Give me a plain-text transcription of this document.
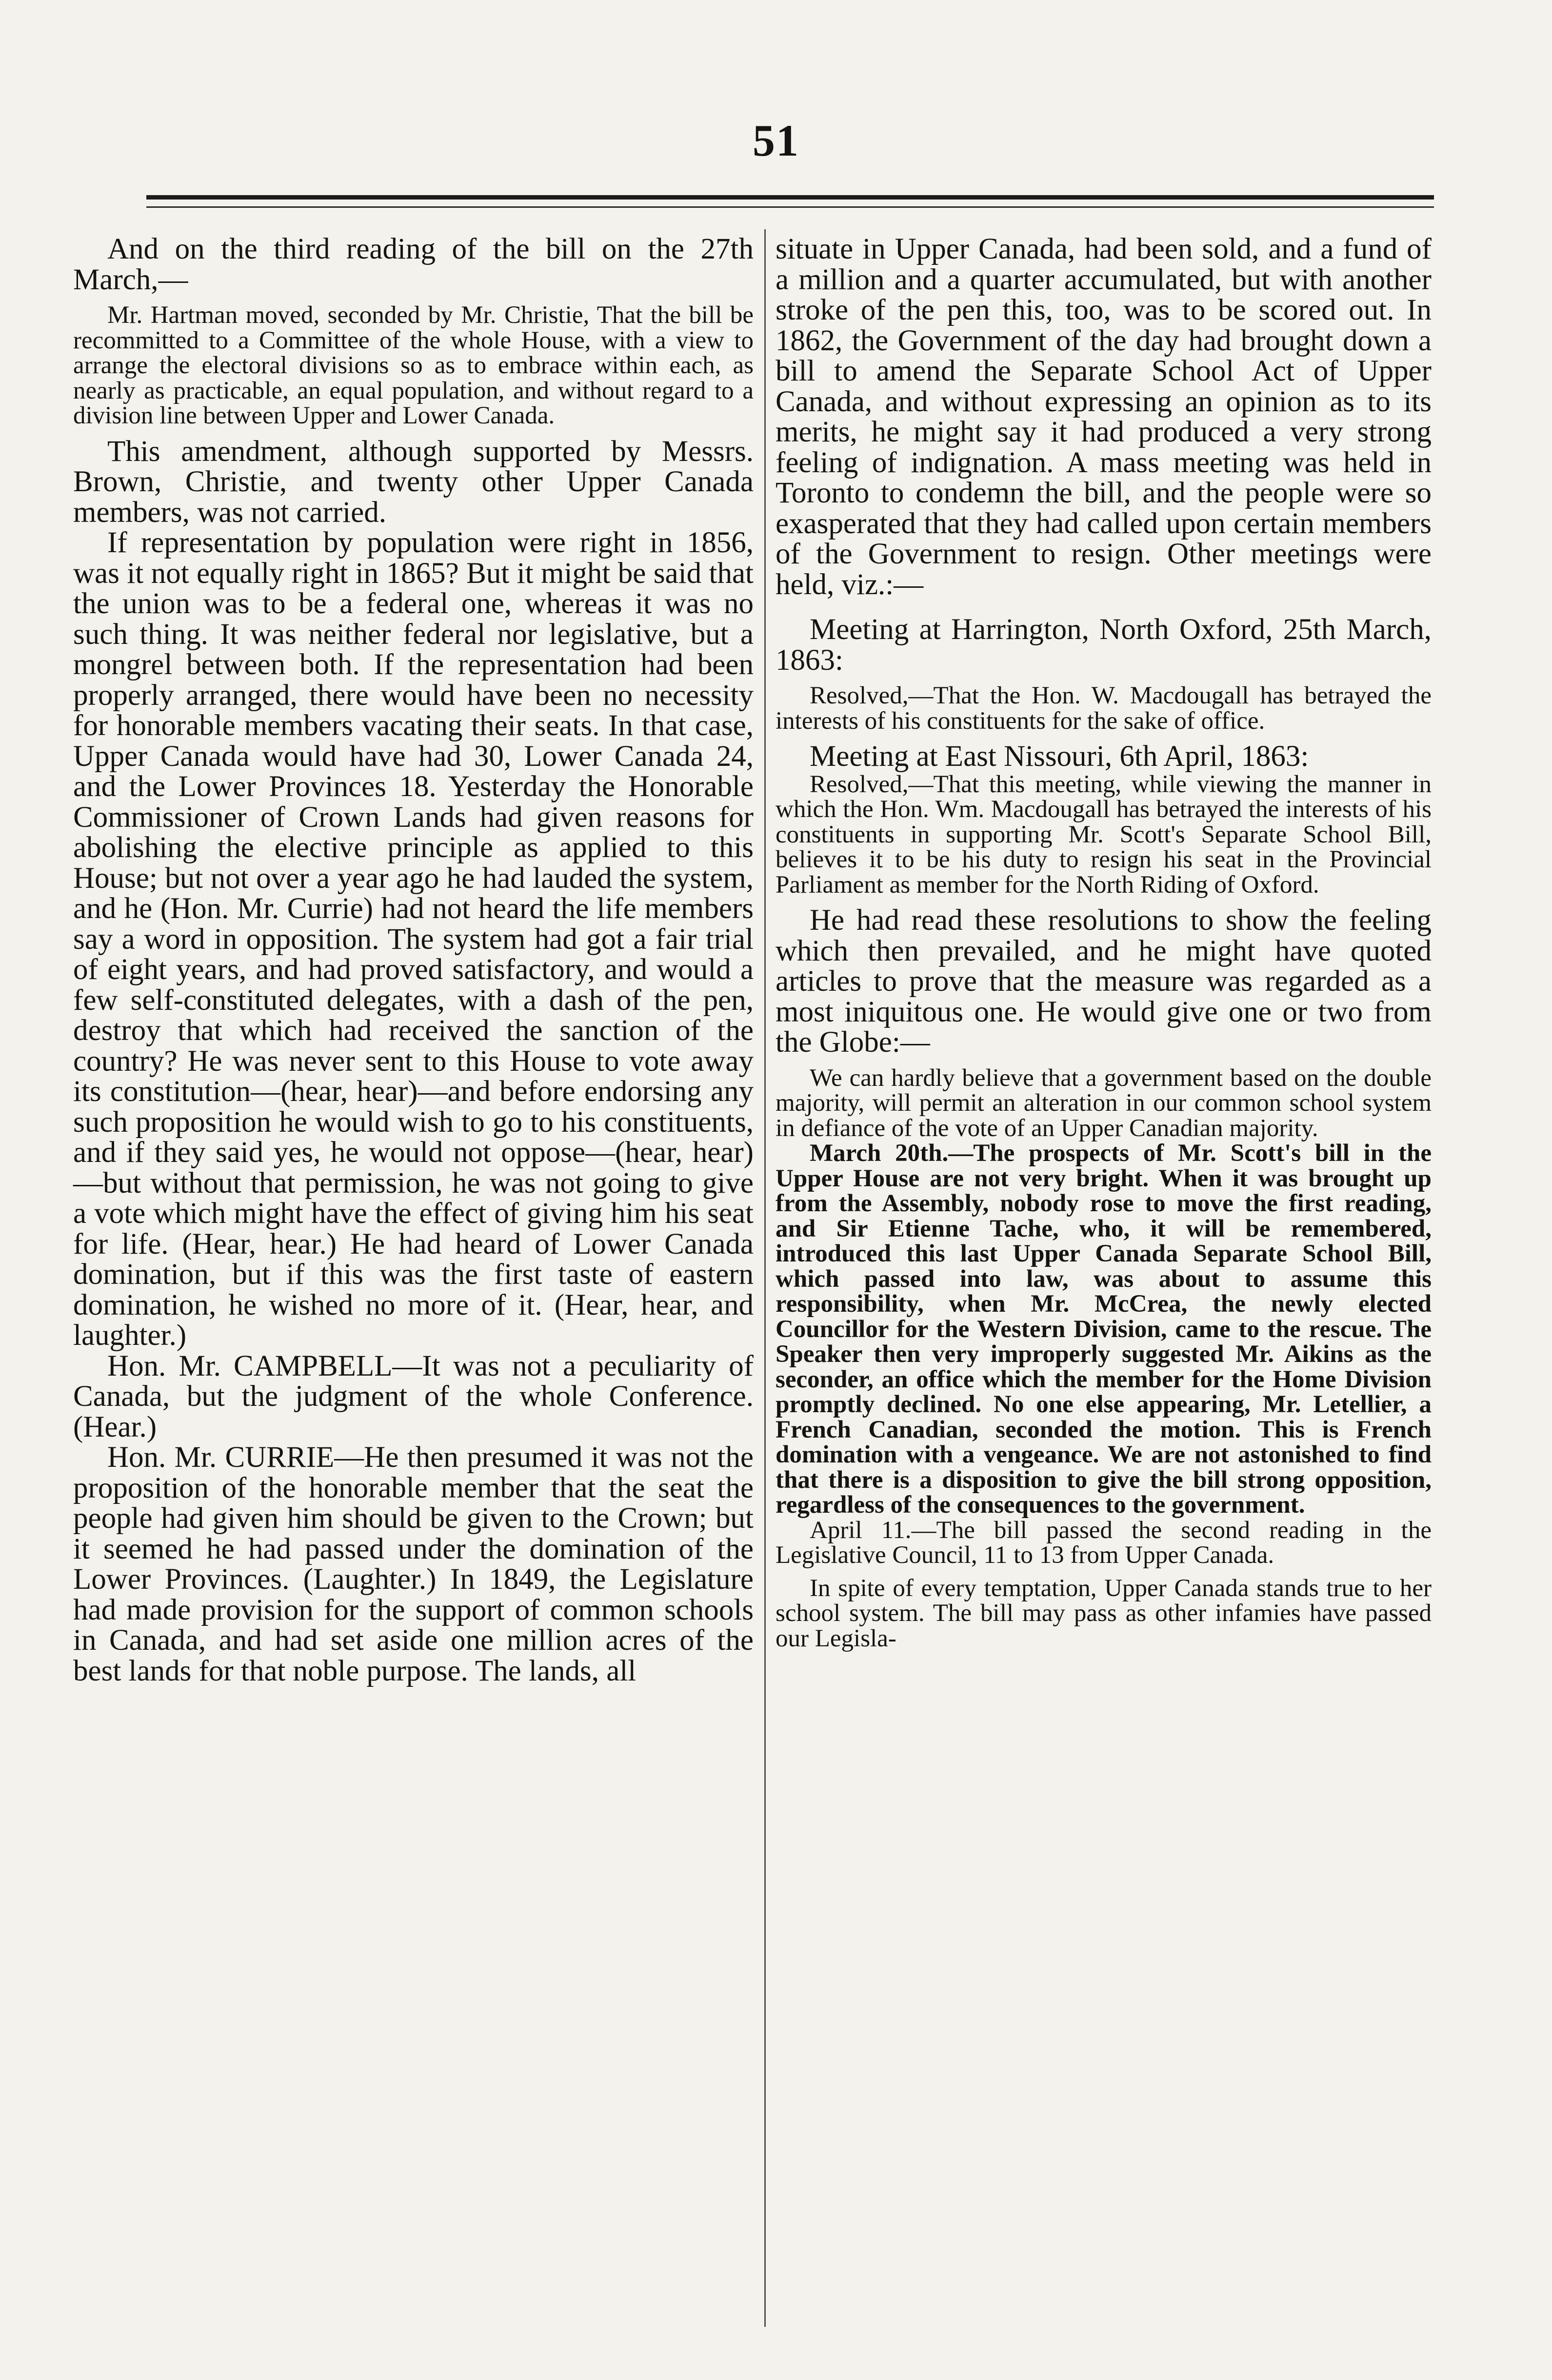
51

And on the third reading of the bill on the 27th March,—

Mr. Hartman moved, seconded by Mr. Christie, That the bill be recommitted to a Committee of the whole House, with a view to arrange the electoral divisions so as to embrace within each, as nearly as practicable, an equal population, and without regard to a division line between Upper and Lower Canada.

This amendment, although supported by Messrs. Brown, Christie, and twenty other Upper Canada members, was not carried.

If representation by population were right in 1856, was it not equally right in 1865? But it might be said that the union was to be a federal one, whereas it was no such thing. It was neither federal nor legislative, but a mongrel between both. If the representation had been properly arranged, there would have been no necessity for honorable members vacating their seats. In that case, Upper Canada would have had 30, Lower Canada 24, and the Lower Provinces 18. Yesterday the Honorable Commissioner of Crown Lands had given reasons for abolishing the elective principle as applied to this House; but not over a year ago he had lauded the system, and he (Hon. Mr. Currie) had not heard the life members say a word in opposition. The system had got a fair trial of eight years, and had proved satisfactory, and would a few self-constituted delegates, with a dash of the pen, destroy that which had received the sanction of the country? He was never sent to this House to vote away its constitution—(hear, hear)—and before endorsing any such proposition he would wish to go to his constituents, and if they said yes, he would not oppose—(hear, hear)—but without that permission, he was not going to give a vote which might have the effect of giving him his seat for life. (Hear, hear.) He had heard of Lower Canada domination, but if this was the first taste of eastern domination, he wished no more of it. (Hear, hear, and laughter.)

Hon. Mr. CAMPBELL—It was not a peculiarity of Canada, but the judgment of the whole Conference. (Hear.)

Hon. Mr. CURRIE—He then presumed it was not the proposition of the honorable member that the seat the people had given him should be given to the Crown; but it seemed he had passed under the domination of the Lower Provinces. (Laughter.) In 1849, the Legislature had made provision for the support of common schools in Canada, and had set aside one million acres of the best lands for that noble purpose. The lands, all

situate in Upper Canada, had been sold, and a fund of a million and a quarter accumulated, but with another stroke of the pen this, too, was to be scored out. In 1862, the Government of the day had brought down a bill to amend the Separate School Act of Upper Canada, and without expressing an opinion as to its merits, he might say it had produced a very strong feeling of indignation. A mass meeting was held in Toronto to condemn the bill, and the people were so exasperated that they had called upon certain members of the Government to resign. Other meetings were held, viz.:—

Meeting at Harrington, North Oxford, 25th March, 1863:

Resolved,—That the Hon. W. Macdougall has betrayed the interests of his constituents for the sake of office.

Meeting at East Nissouri, 6th April, 1863:

Resolved,—That this meeting, while viewing the manner in which the Hon. Wm. Macdougall has betrayed the interests of his constituents in supporting Mr. Scott's Separate School Bill, believes it to be his duty to resign his seat in the Provincial Parliament as member for the North Riding of Oxford.

He had read these resolutions to show the feeling which then prevailed, and he might have quoted articles to prove that the measure was regarded as a most iniquitous one. He would give one or two from the Globe:—

We can hardly believe that a government based on the double majority, will permit an alteration in our common school system in defiance of the vote of an Upper Canadian majority.

March 20th.—The prospects of Mr. Scott's bill in the Upper House are not very bright. When it was brought up from the Assembly, nobody rose to move the first reading, and Sir Etienne Tache, who, it will be remembered, introduced this last Upper Canada Separate School Bill, which passed into law, was about to assume this responsibility, when Mr. McCrea, the newly elected Councillor for the Western Division, came to the rescue. The Speaker then very improperly suggested Mr. Aikins as the seconder, an office which the member for the Home Division promptly declined. No one else appearing, Mr. Letellier, a French Canadian, seconded the motion. This is French domination with a vengeance. We are not astonished to find that there is a disposition to give the bill strong opposition, regardless of the consequences to the government.

April 11.—The bill passed the second reading in the Legislative Council, 11 to 13 from Upper Canada.

In spite of every temptation, Upper Canada stands true to her school system. The bill may pass as other infamies have passed our Legisla-
